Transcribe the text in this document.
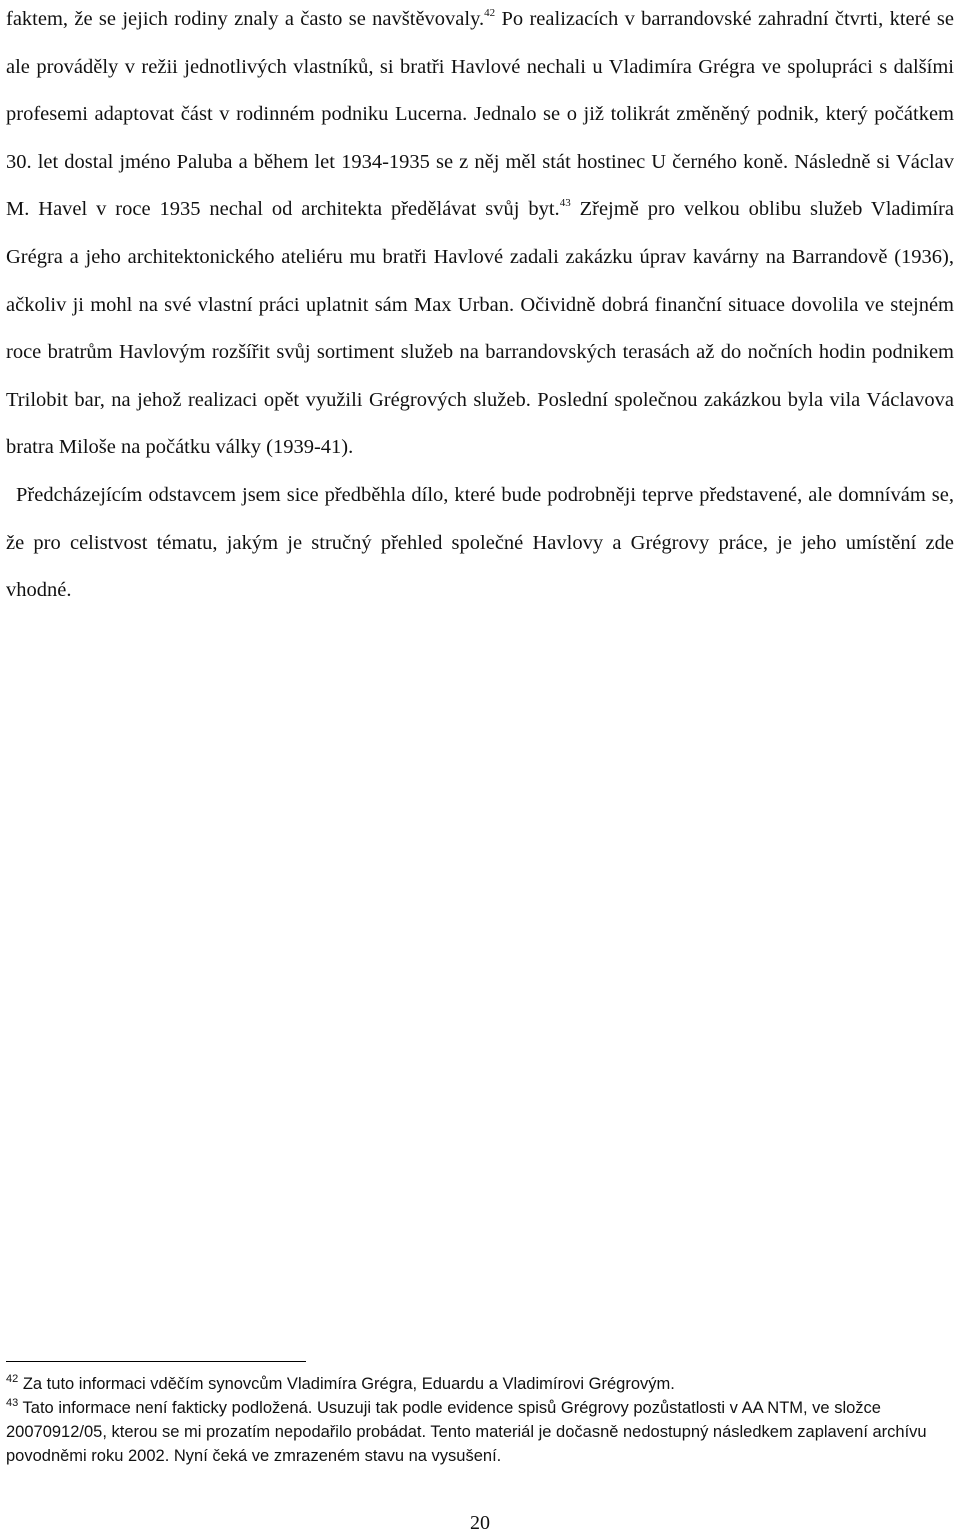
faktem, že se jejich rodiny znaly a často se navštěvovaly.$^{42}$ Po realizacích v barrandovské zahradní čtvrti, které se ale prováděly v režii jednotlivých vlastníků, si bratři Havlové nechali u Vladimíra Grégra ve spolupráci s dalšími profesemi adaptovat část v rodinném podniku Lucerna. Jednalo se o již tolikrát změněný podnik, který počátkem 30. let dostal jméno Paluba a během let 1934-1935 se z něj měl stát hostinec U černého koně. Následně si Václav M. Havel v roce 1935 nechal od architekta předělávat svůj byt.$^{43}$ Zřejmě pro velkou oblibu služeb Vladimíra Grégra a jeho architektonického ateliéru mu bratři Havlové zadali zakázku úprav kavárny na Barrandově (1936), ačkoliv ji mohl na své vlastní práci uplatnit sám Max Urban. Očividně dobrá finanční situace dovolila ve stejném roce bratrům Havlovým rozšířit svůj sortiment služeb na barrandovských terasách až do nočních hodin podnikem Trilobit bar, na jehož realizaci opět využili Grégrových služeb. Poslední společnou zakázkou byla vila Václavova bratra Miloše na počátku války (1939-41).

Předcházejícím odstavcem jsem sice předběhla dílo, které bude podrobněji teprve představené, ale domnívám se, že pro celistvost tématu, jakým je stručný přehled společné Havlovy a Grégrovy práce, je jeho umístění zde vhodné.

$^{42}$ Za tuto informaci vděčím synovcům Vladimíra Grégra, Eduardu a Vladimírovi Grégrovým.

$^{43}$ Tato informace není fakticky podložená. Usuzuji tak podle evidence spisů Grégrovy pozůstatlosti v AA NTM, ve složce 20070912/05, kterou se mi prozatím nepodařilo probádat. Tento materiál je dočasně nedostupný následkem zaplavení archívu povodněmi roku 2002. Nyní čeká ve zmrazeném stavu na vysušení.

20
